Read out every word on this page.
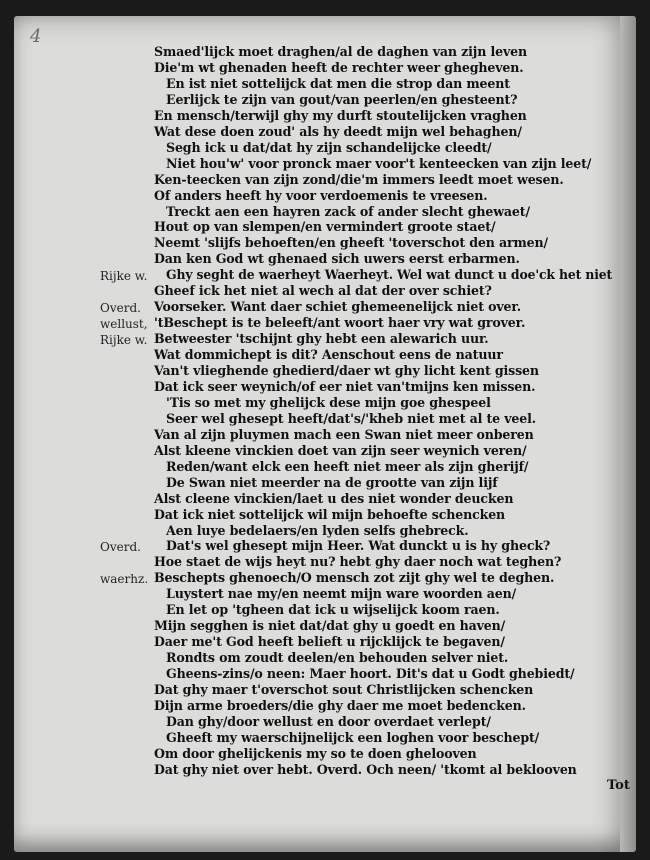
4
Smaed'lijck moet draghen/al de daghen van zijn leven
Die'm wt ghenaden heeft de rechter weer ghegheven.
En ist niet sottelijck dat men die strop dan meent
Eerlijck te zijn van gout/van peerlen/en ghesteent?
En mensch/terwijl ghy my durft stoutelijcken vraghen
Wat dese doen zoud' als hy deedt mijn wel behaghen/
Segh ick u dat/dat hy zijn schandelijcke cleedt/
Niet hou'w' voor pronck maer voor't kenteecken van zijn leet/
Ken-teecken van zijn zond/die'm immers leedt moet wesen.
Of anders heeft hy voor verdoemenis te vreesen.
Treckt aen een hayren zack of ander slecht ghewaet/
Hout op van slempen/en vermindert groote staet/
Neemt 'slijfs behoeften/en gheeft 'toverschot den armen/
Dan ken God wt ghenaed sich uwers eerst erbarmen.
Rijke w. Ghy seght de waerheyt Waerheyt. Wel wat dunct u doe'ck het niet
Gheef ick het niet al wech al dat der over schiet?
Overd. Voorseker. Want daer schiet ghemeenelijck niet over.
wellust, 'tBeschept is te beleeft/ant woort haer vry wat grover.
Rijke w. Betweester 'tschijnt ghy hebt een alewarich uur.
Wat dommichept is dit? Aenschout eens de natuur
Van't vlieghende ghedierd/daer wt ghy licht kent gissen
Dat ick seer weynich/of eer niet van'tmijns ken missen.
'Tis so met my ghelijck dese mijn goe ghespeel
Seer wel ghesept heeft/dat's/'kheb niet met al te veel.
Van al zijn pluymen mach een Swan niet meer onberen
Alst kleene vinckien doet van zijn seer weynich veren/
Reden/want elck een heeft niet meer als zijn gherijf/
De Swan niet meerder na de grootte van zijn lijf
Alst cleene vinckien/laet u des niet wonder deucken
Dat ick niet sottelijck wil mijn behoefte schencken
Aen luye bedelaers/en lyden selfs ghebreck.
Overd. Dat's wel ghesept mijn Heer. Wat dunckt u is hy gheck?
Hoe staet de wijs heyt nu? hebt ghy daer noch wat teghen?
waerhz. Beschepts ghenoech/O mensch zot zijt ghy wel te deghen.
Luystert nae my/en neemt mijn ware woorden aen/
En let op 'tgheen dat ick u wijselijck koom raen.
Mijn segghen is niet dat/dat ghy u goedt en haven/
Daer me't God heeft belieft u rijcklijck te begaven/
Rondts om zoudt deelen/en behouden selver niet.
Gheens-zins/o neen: Maer hoort. Dit's dat u Godt ghebiedt/
Dat ghy maer t'overschot sout Christlijcken schencken
Dijn arme broeders/die ghy daer me moet bedencken.
Dan ghy/door wellust en door overdaet verlept/
Gheeft my waerschijnelijck een loghen voor beschept/
Om door ghelijckenis my so te doen ghelooven
Dat ghy niet over hebt. Overd. Och neen/ 'tkomt al beklooven
Tot
